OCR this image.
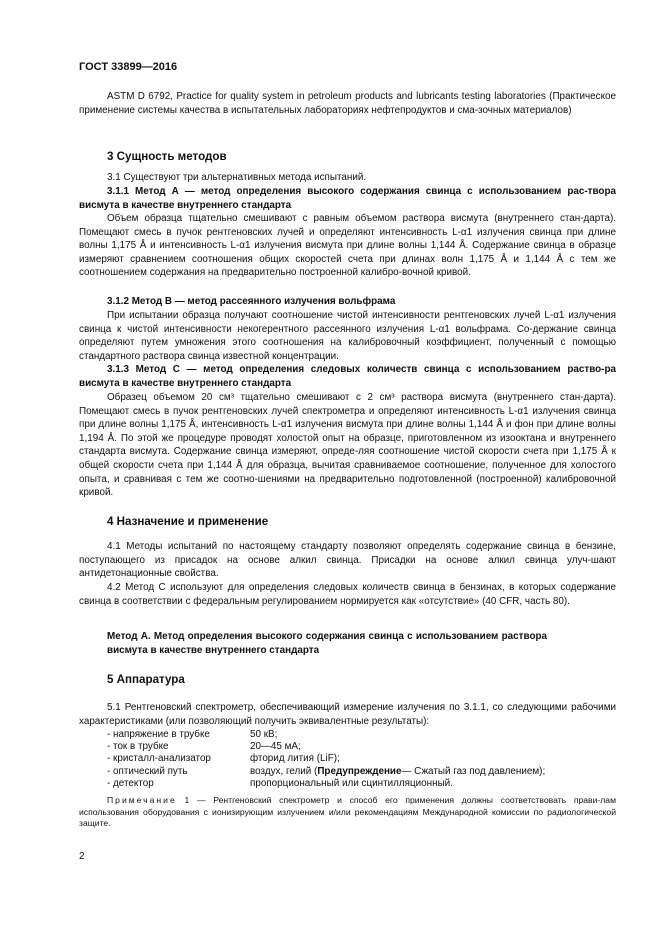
ГОСТ 33899—2016

ASTM D 6792, Practice for quality system in petroleum products and lubricants testing laboratories (Практическое применение системы качества в испытательных лабораториях нефтепродуктов и сма-зочных материалов)

3 Сущность методов

3.1 Существуют три альтернативных метода испытаний.

3.1.1 Метод А — метод определения высокого содержания свинца с использованием рас-твора висмута в качестве внутреннего стандарта

Объем образца тщательно смешивают с равным объемом раствора висмута (внутреннего стан-дарта). Помещают смесь в пучок рентгеновских лучей и определяют интенсивность L-α1 излучения свинца при длине волны 1,175 Å и интенсивность L-α1 излучения висмута при длине волны 1,144 Å. Содержание свинца в образце измеряют сравнением соотношения общих скоростей счета при длинах волн 1,175 Å и 1,144 Å с тем же соотношением содержания на предварительно построенной калибро-вочной кривой.

3.1.2 Метод В — метод рассеянного излучения вольфрама

При испытании образца получают соотношение чистой интенсивности рентгеновских лучей L-α1 излучения свинца к чистой интенсивности некогерентного рассеянного излучения L-α1 вольфрама. Со-держание свинца определяют путем умножения этого соотношения на калибровочный коэффициент, полученный с помощью стандартного раствора свинца известной концентрации.

3.1.3 Метод С — метод определения следовых количеств свинца с использованием раство-ра висмута в качестве внутреннего стандарта

Образец объемом 20 см³ тщательно смешивают с 2 см³ раствора висмута (внутреннего стан-дарта). Помещают смесь в пучок рентгеновских лучей спектрометра и определяют интенсивность L-α1 излучения свинца при длине волны 1,175 Å, интенсивность L-α1 излучения висмута при длине волны 1,144 Å и фон при длине волны 1,194 Å. По этой же процедуре проводят холостой опыт на образце, приготовленном из изооктана и внутреннего стандарта висмута. Содержание свинца измеряют, опреде-ляя соотношение чистой скорости счета при 1,175 Å к общей скорости счета при 1,144 Å для образца, вычитая сравниваемое соотношение, полученное для холостого опыта, и сравнивая с тем же соотно-шениями на предварительно подготовленной (построенной) калибровочной кривой.

4 Назначение и применение

4.1 Методы испытаний по настоящему стандарту позволяют определять содержание свинца в бензине, поступающего из присадок на основе алкил свинца. Присадки на основе алкил свинца улуч-шают антидетонационные свойства.

4.2 Метод С используют для определения следовых количеств свинца в бензинах, в которых содержание свинца в соответствии с федеральным регулированием нормируется как «отсутствие» (40 CFR, часть 80).

Метод А. Метод определения высокого содержания свинца с использованием раствора висмута в качестве внутреннего стандарта

5 Аппаратура

5.1 Рентгеновский спектрометр, обеспечивающий измерение излучения по 3.1.1, со следующими рабочими характеристиками (или позволяющий получить эквивалентные результаты):

- напряжение в трубке	50 кВ;
- ток в трубке	20—45 мА;
- кристалл-анализатор	фторид лития (LiF);
- оптический путь	воздух, гелий ( Предупреждение — Сжатый газ под давлением);
- детектор	пропорциональный или сцинтилляционный.

Примечание 1 — Рентгеновский спектрометр и способ его применения должны соответствовать прави-лам использования оборудования с ионизирующим излучением и/или рекомендациям Международной комиссии по радиологической защите.

2
